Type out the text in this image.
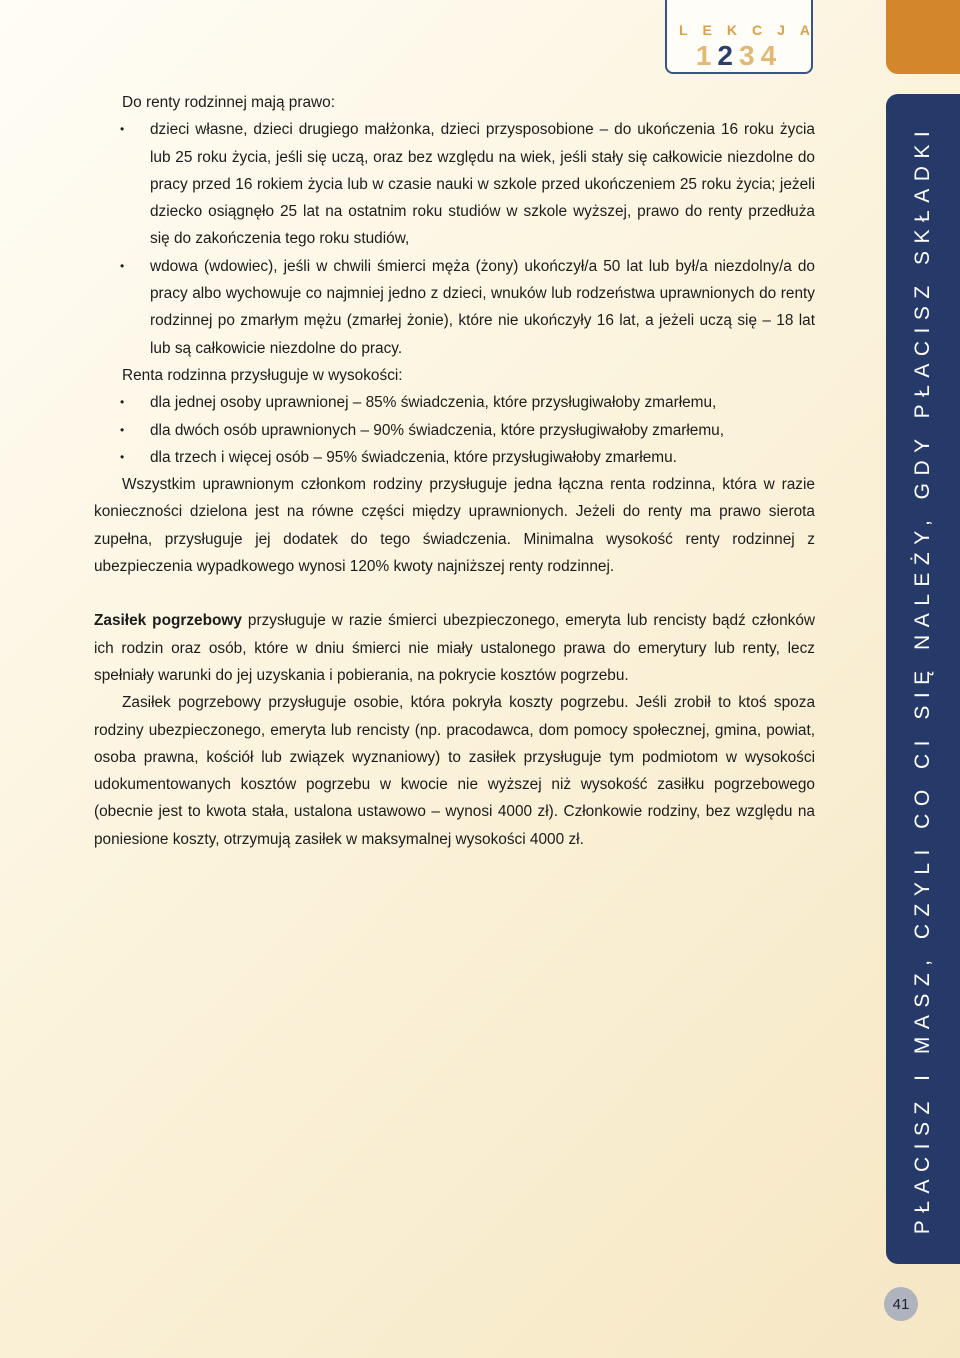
LEKCJA
1234
PŁACISZ I MASZ, CZYLI CO CI SIĘ NALEŻY, GDY PŁACISZ SKŁADKI
41

Do renty rodzinnej mają prawo:

• dzieci własne, dzieci drugiego małżonka, dzieci przysposobione – do ukończenia 16 roku życia lub 25 roku życia, jeśli się uczą, oraz bez względu na wiek, jeśli stały się całkowicie niezdolne do pracy przed 16 rokiem życia lub w czasie nauki w szkole przed ukończeniem 25 roku życia; jeżeli dziecko osiągnęło 25 lat na ostatnim roku studiów w szkole wyższej, prawo do renty przedłuża się do zakończenia tego roku studiów,
• wdowa (wdowiec), jeśli w chwili śmierci męża (żony) ukończył/a 50 lat lub był/a niezdolny/a do pracy albo wychowuje co najmniej jedno z dzieci, wnuków lub rodzeństwa uprawnionych do renty rodzinnej po zmarłym mężu (zmarłej żonie), które nie ukończyły 16 lat, a jeżeli uczą się – 18 lat lub są całkowicie niezdolne do pracy.

Renta rodzinna przysługuje w wysokości:

• dla jednej osoby uprawnionej – 85% świadczenia, które przysługiwałoby zmarłemu,
• dla dwóch osób uprawnionych – 90% świadczenia, które przysługiwałoby zmarłemu,
• dla trzech i więcej osób – 95% świadczenia, które przysługiwałoby zmarłemu.

Wszystkim uprawnionym członkom rodziny przysługuje jedna łączna renta rodzinna, która w razie konieczności dzielona jest na równe części między uprawnionych. Jeżeli do renty ma prawo sierota zupełna, przysługuje jej dodatek do tego świadczenia. Minimalna wysokość renty rodzinnej z ubezpieczenia wypadkowego wynosi 120% kwoty najniższej renty rodzinnej.

Zasiłek pogrzebowy przysługuje w razie śmierci ubezpieczonego, emeryta lub rencisty bądź członków ich rodzin oraz osób, które w dniu śmierci nie miały ustalonego prawa do emerytury lub renty, lecz spełniały warunki do jej uzyskania i pobierania, na pokrycie kosztów pogrzebu.

Zasiłek pogrzebowy przysługuje osobie, która pokryła koszty pogrzebu. Jeśli zrobił to ktoś spoza rodziny ubezpieczonego, emeryta lub rencisty (np. pracodawca, dom pomocy społecznej, gmina, powiat, osoba prawna, kościół lub związek wyznaniowy) to zasiłek przysługuje tym podmiotom w wysokości udokumentowanych kosztów pogrzebu w kwocie nie wyższej niż wysokość zasiłku pogrzebowego (obecnie jest to kwota stała, ustalona ustawowo – wynosi 4000 zł). Członkowie rodziny, bez względu na poniesione koszty, otrzymują zasiłek w maksymalnej wysokości 4000 zł.
